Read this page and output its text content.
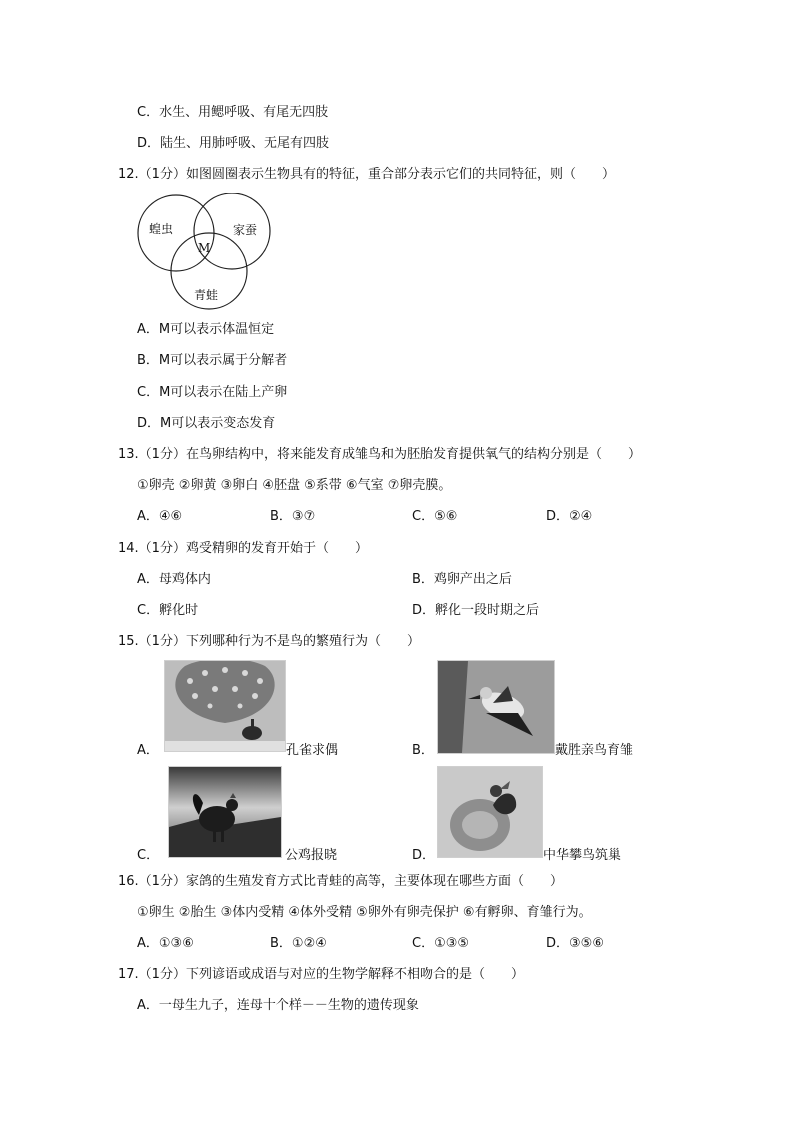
C．水生、用鳃呼吸、有尾无四肢
D．陆生、用肺呼吸、无尾有四肢
12.（1分）如图圆圈表示生物具有的特征，重合部分表示它们的共同特征，则（　　）
蝗虫	家蚕
青蛙
M
A．M可以表示体温恒定
B．M可以表示属于分解者
C．M可以表示在陆上产卵
D．M可以表示变态发育
13.（1分）在鸟卵结构中，将来能发育成雏鸟和为胚胎发育提供氧气的结构分别是（　　）
①卵壳 ②卵黄 ③卵白 ④胚盘 ⑤系带 ⑥气室 ⑦卵壳膜。
A．④⑥	B．③⑦	C．⑤⑥	D．②④
14.（1分）鸡受精卵的发育开始于（　　）
A．母鸡体内	B．鸡卵产出之后
C．孵化时	D．孵化一段时期之后
15.（1分）下列哪种行为不是鸟的繁殖行为（　　）
A．	孔雀求偶	B．	戴胜亲鸟育雏
C．	公鸡报晓	D．	中华攀鸟筑巢
16.（1分）家鸽的生殖发育方式比青蛙的高等，主要体现在哪些方面（　　）
①卵生 ②胎生 ③体内受精 ④体外受精 ⑤卵外有卵壳保护 ⑥有孵卵、育雏行为。
A．①③⑥	B．①②④	C．①③⑤	D．③⑤⑥
17.（1分）下列谚语或成语与对应的生物学解释不相吻合的是（　　）
A．一母生九子，连母十个样－－生物的遗传现象
